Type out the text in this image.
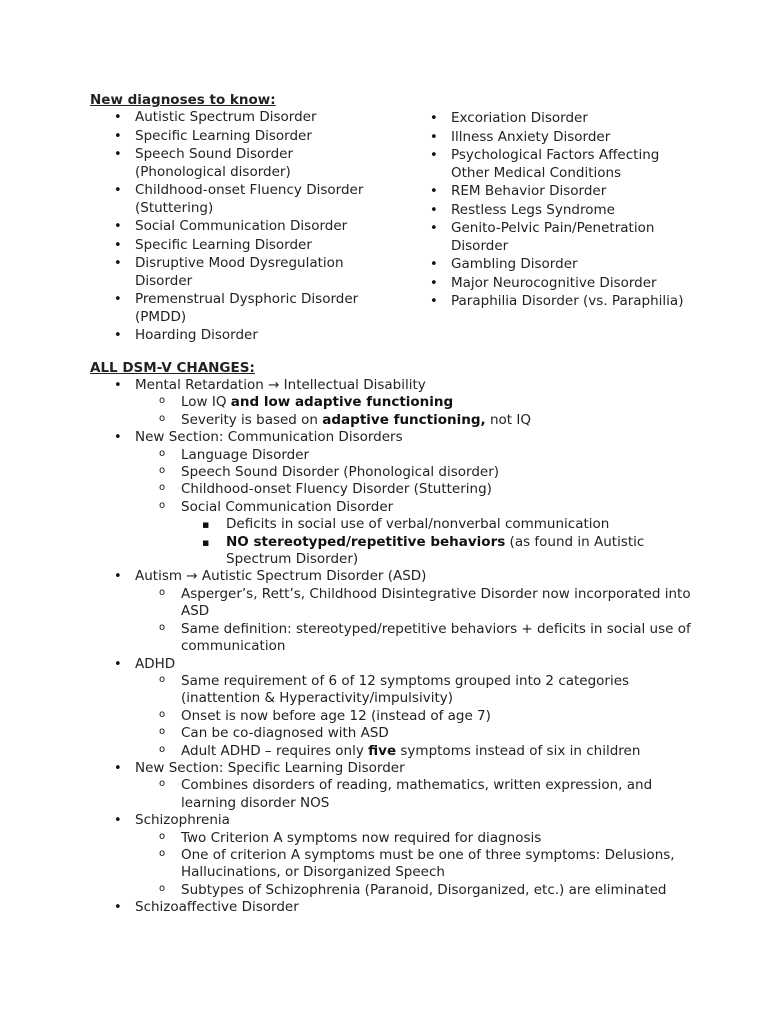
New diagnoses to know:
• Autistic Spectrum Disorder
• Specific Learning Disorder
• Speech Sound Disorder (Phonological disorder)
• Childhood-onset Fluency Disorder (Stuttering)
• Social Communication Disorder
• Specific Learning Disorder
• Disruptive Mood Dysregulation Disorder
• Premenstrual Dysphoric Disorder (PMDD)
• Hoarding Disorder
• Excoriation Disorder
• Illness Anxiety Disorder
• Psychological Factors Affecting Other Medical Conditions
• REM Behavior Disorder
• Restless Legs Syndrome
• Genito-Pelvic Pain/Penetration Disorder
• Gambling Disorder
• Major Neurocognitive Disorder
• Paraphilia Disorder (vs. Paraphilia)
ALL DSM-V CHANGES:
• Mental Retardation → Intellectual Disability
o Low IQ and low adaptive functioning
o Severity is based on adaptive functioning, not IQ
• New Section: Communication Disorders
o Language Disorder
o Speech Sound Disorder (Phonological disorder)
o Childhood-onset Fluency Disorder (Stuttering)
o Social Communication Disorder
▪ Deficits in social use of verbal/nonverbal communication
▪ NO stereotyped/repetitive behaviors (as found in Autistic Spectrum Disorder)
• Autism → Autistic Spectrum Disorder (ASD)
o Asperger’s, Rett’s, Childhood Disintegrative Disorder now incorporated into ASD
o Same definition: stereotyped/repetitive behaviors + deficits in social use of communication
• ADHD
o Same requirement of 6 of 12 symptoms grouped into 2 categories (inattention & Hyperactivity/impulsivity)
o Onset is now before age 12 (instead of age 7)
o Can be co-diagnosed with ASD
o Adult ADHD – requires only five symptoms instead of six in children
• New Section: Specific Learning Disorder
o Combines disorders of reading, mathematics, written expression, and learning disorder NOS
• Schizophrenia
o Two Criterion A symptoms now required for diagnosis
o One of criterion A symptoms must be one of three symptoms: Delusions, Hallucinations, or Disorganized Speech
o Subtypes of Schizophrenia (Paranoid, Disorganized, etc.) are eliminated
• Schizoaffective Disorder
